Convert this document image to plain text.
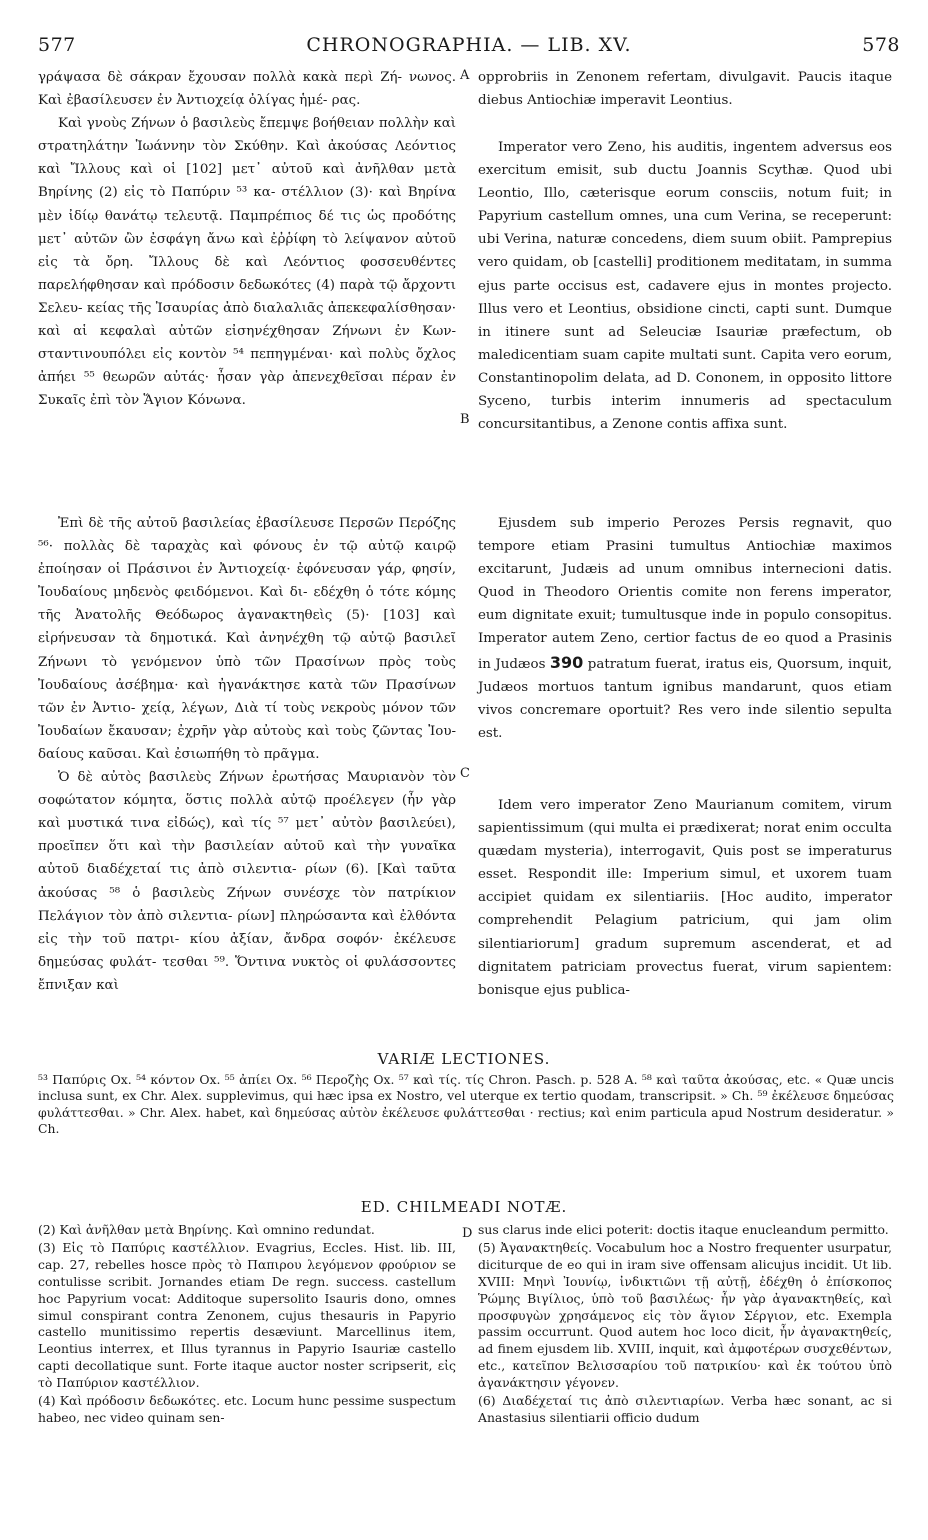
577	CHRONOGRAPHIA. — LIB. XV.	578

γράψασα δὲ σάκραν ἔχουσαν πολλὰ κακὰ περὶ Ζή- νωνος. Καὶ ἐβασίλευσεν ἐν Ἀντιοχείᾳ ὀλίγας ἡμέ- ρας.

Καὶ γνοὺς Ζήνων ὁ βασιλεὺς ἔπεμψε βοήθειαν πολλὴν καὶ στρατηλάτην Ἰωάννην τὸν Σκύθην. Καὶ ἀκούσας Λεόντιος καὶ Ἴλλους καὶ οἱ [102] μετ᾽ αὐτοῦ καὶ ἀνῆλθαν μετὰ Βηρίνης (2) εἰς τὸ Παπύριν ⁵³ κα- στέλλιον (3)· καὶ Βηρίνα μὲν ἰδίῳ θανάτῳ τελευτᾷ. Παμπρέπιος δέ τις ὡς προδότης μετ᾽ αὐτῶν ὢν ἐσφάγη ἄνω καὶ ἐῤῥίφη τὸ λείψανον αὐτοῦ εἰς τὰ ὄρη. Ἴλλους δὲ καὶ Λεόντιος φοσσευθέντες παρελήφθησαν καὶ πρόδοσιν δεδωκότες (4) παρὰ τῷ ἄρχοντι Σελευ- κείας τῆς Ἰσαυρίας ἀπὸ διαλαλιᾶς ἀπεκεφαλίσθησαν· καὶ αἱ κεφαλαὶ αὐτῶν εἰσηνέχθησαν Ζήνωνι ἐν Κων- σταντινουπόλει εἰς κοντὸν ⁵⁴ πεπηγμέναι· καὶ πολὺς ὄχλος ἀπήει ⁵⁵ θεωρῶν αὐτάς· ἦσαν γὰρ ἀπενεχθεῖσαι πέραν ἐν Συκαῖς ἐπὶ τὸν Ἅγιον Κόνωνα.

Ἐπὶ δὲ τῆς αὐτοῦ βασιλείας ἐβασίλευσε Περσῶν Περόζης ⁵⁶· πολλὰς δὲ ταραχὰς καὶ φόνους ἐν τῷ αὐτῷ καιρῷ ἐποίησαν οἱ Πράσινοι ἐν Ἀντιοχείᾳ· ἐφόνευσαν γάρ, φησίν, Ἰουδαίους μηδενὸς φειδόμενοι. Καὶ δι- εδέχθη ὁ τότε κόμης τῆς Ἀνατολῆς Θεόδωρος ἀγανακτηθεὶς (5)· [103] καὶ εἰρήνευσαν τὰ δημοτικά. Καὶ ἀνηνέχθη τῷ αὐτῷ βασιλεῖ Ζήνωνι τὸ γενόμενον ὑπὸ τῶν Πρασίνων πρὸς τοὺς Ἰουδαίους ἀσέβημα· καὶ ἠγανάκτησε κατὰ τῶν Πρασίνων τῶν ἐν Ἀντιο- χείᾳ, λέγων, Διὰ τί τοὺς νεκροὺς μόνον τῶν Ἰουδαίων ἔκαυσαν; ἐχρῆν γὰρ αὐτοὺς καὶ τοὺς ζῶντας Ἰου- δαίους καῦσαι. Καὶ ἐσιωπήθη τὸ πρᾶγμα.

Ὁ δὲ αὐτὸς βασιλεὺς Ζήνων ἐρωτήσας Μαυριανὸν τὸν σοφώτατον κόμητα, ὅστις πολλὰ αὐτῷ προέλεγεν (ἦν γὰρ καὶ μυστικά τινα εἰδώς), καὶ τίς ⁵⁷ μετ᾽ αὐτὸν βασιλεύει), προεῖπεν ὅτι καὶ τὴν βασιλείαν αὐτοῦ καὶ τὴν γυναῖκα αὐτοῦ διαδέχεταί τις ἀπὸ σιλεντια- ρίων (6). [Καὶ ταῦτα ἀκούσας ⁵⁸ ὁ βασιλεὺς Ζήνων συνέσχε τὸν πατρίκιον Πελάγιον τὸν ἀπὸ σιλεντια- ρίων] πληρώσαντα καὶ ἐλθόντα εἰς τὴν τοῦ πατρι- κίου ἀξίαν, ἄνδρα σοφόν· ἐκέλευσε δημεύσας φυλάτ- τεσθαι ⁵⁹. Ὅντινα νυκτὸς οἱ φυλάσσοντες ἔπνιξαν καὶ

opprobriis in Zenonem refertam, divulgavit. Paucis itaque diebus Antiochiæ imperavit Leontius.

Imperator vero Zeno, his auditis, ingentem adversus eos exercitum emisit, sub ductu Joannis Scythæ. Quod ubi Leontio, Illo, cæterisque eorum consciis, notum fuit; in Papyrium castellum omnes, una cum Verina, se receperunt: ubi Verina, naturæ concedens, diem suum obiit. Pamprepius vero quidam, ob [castelli] proditionem meditatam, in summa ejus parte occisus est, cadavere ejus in montes projecto. Illus vero et Leontius, obsidione cincti, capti sunt. Dumque in itinere sunt ad Seleuciæ Isauriæ præfectum, ob maledicentiam suam capite multati sunt. Capita vero eorum, Constantinopolim delata, ad D. Cononem, in opposito littore Syceno, turbis interim innumeris ad spectaculum concursitantibus, a Zenone contis affixa sunt.

Ejusdem sub imperio Perozes Persis regnavit, quo tempore etiam Prasini tumultus Antiochiæ maximos excitarunt, Judæis ad unum omnibus internecioni datis. Quod in Theodoro Orientis comite non ferens imperator, eum dignitate exuit; tumultusque inde in populo consopitus. Imperator autem Zeno, certior factus de eo quod a Prasinis in Judæos 390 patratum fuerat, iratus eis, Quorsum, inquit, Judæos mortuos tantum ignibus mandarunt, quos etiam vivos concremare oportuit? Res vero inde silentio sepulta est.

Idem vero imperator Zeno Maurianum comitem, virum sapientissimum (qui multa ei prædixerat; norat enim occulta quædam mysteria), interrogavit, Quis post se imperaturus esset. Respondit ille: Imperium simul, et uxorem tuam accipiet quidam ex silentiariis. [Hoc audito, imperator comprehendit Pelagium patricium, qui jam olim silentiariorum] gradum supremum ascenderat, et ad dignitatem patriciam provectus fuerat, virum sapientem: bonisque ejus publica-

A
B
C
D
VARIÆ LECTIONES.
⁵³ Παπύρις Ox. ⁵⁴ κόντον Ox. ⁵⁵ ἀπίει Ox. ⁵⁶ Περοζὴς Ox. ⁵⁷ καὶ τίς. τίς Chron. Pasch. p. 528 A. ⁵⁸ καὶ ταῦτα ἀκούσας, etc. « Quæ uncis inclusa sunt, ex Chr. Alex. supplevimus, qui hæc ipsa ex Nostro, vel uterque ex tertio quodam, transcripsit. » Ch. ⁵⁹ ἐκέλευσε δημεύσας φυλάττεσθαι. » Chr. Alex. habet, καὶ δημεύσας αὐτὸν ἐκέλευσε φυλάττεσθαι · rectius; καὶ enim particula apud Nostrum desideratur. » Ch.
ED. CHILMEADI NOTÆ.

(2) Καὶ ἀνῆλθαν μετὰ Βηρίνης. Καὶ omnino redundat.

(3) Εἰς τὸ Παπύρις καστέλλιον. Evagrius, Eccles. Hist. lib. III, cap. 27, rebelles hosce πρὸς τὸ Παπιρου λεγόμενον φρούριον se contulisse scribit. Jornandes etiam De regn. success. castellum hoc Papyrium vocat: Additoque supersolito Isauris dono, omnes simul conspirant contra Zenonem, cujus thesauris in Papyrio castello munitissimo repertis desæviunt. Marcellinus item, Leontius interrex, et Illus tyrannus in Papyrio Isauriæ castello capti decollatique sunt. Forte itaque auctor noster scripserit, εἰς τὸ Παπύριον καστέλλιον.

(4) Καὶ πρόδοσιν δεδωκότες. etc. Locum hunc pessime suspectum habeo, nec video quinam sen-

sus clarus inde elici poterit: doctis itaque enucleandum permitto.

(5) Ἀγανακτηθείς. Vocabulum hoc a Nostro frequenter usurpatur, diciturque de eo qui in iram sive offensam alicujus incidit. Ut lib. XVIII: Μηνὶ Ἰουνίῳ, ἰνδικτιῶνι τῇ αὐτῇ, ἐδέχθη ὁ ἐπίσκοπος Ῥώμης Βιγίλιος, ὑπὸ τοῦ βασιλέως· ἦν γὰρ ἀγανακτηθείς, καὶ προσφυγὼν χρησάμενος εἰς τὸν ἅγιον Σέργιον, etc. Exempla passim occurrunt. Quod autem hoc loco dicit, ἦν ἀγανακτηθείς, ad finem ejusdem lib. XVIII, inquit, καὶ ἀμφοτέρων συσχεθέντων, etc., κατεῖπον Βελισσαρίου τοῦ πατρικίου· καὶ ἐκ τούτου ὑπὸ ἀγανάκτησιν γέγονεν.

(6) Διαδέχεταί τις ἀπὸ σιλεντιαρίων. Verba hæc sonant, ac si Anastasius silentiarii officio dudum
